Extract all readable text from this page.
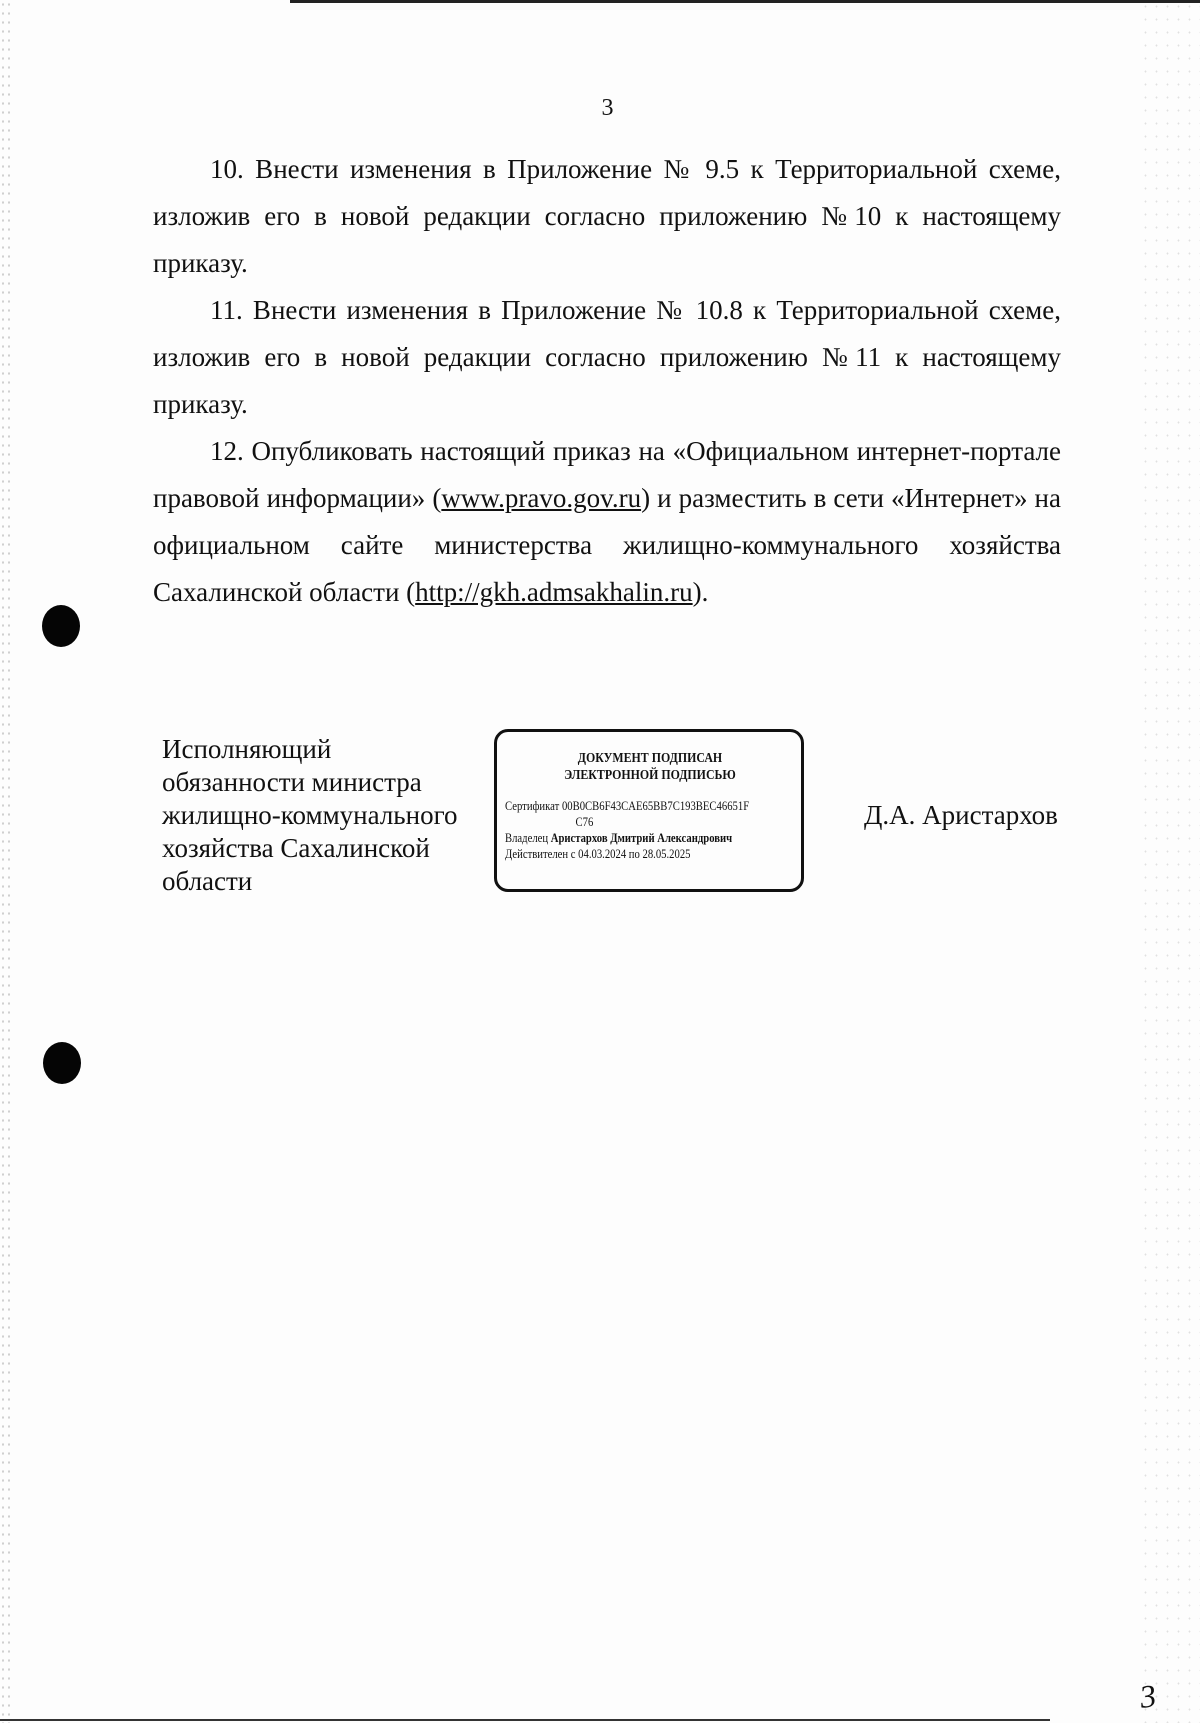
3

10. Внести изменения в Приложение № 9.5 к Территориальной схеме, изложив его в новой редакции согласно приложению №10 к настоящему приказу.

11. Внести изменения в Приложение № 10.8 к Территориальной схеме, изложив его в новой редакции согласно приложению №11 к настоящему приказу.

12. Опубликовать настоящий приказ на «Официальном интернет-портале правовой информации» (www.pravo.gov.ru) и разместить в сети «Интернет» на официальном сайте министерства жилищно-коммунального хозяйства Сахалинской области (http://gkh.admsakhalin.ru).

Исполняющий
обязанности министра
жилищно-коммунального
хозяйства Сахалинской
области
ДОКУМЕНТ ПОДПИСАН
ЭЛЕКТРОННОЙ ПОДПИСЬЮ
Сертификат 00B0CB6F43CAE65BB7C193BEC46651F
C76
Владелец Аристархов Дмитрий Александрович
Действителен с 04.03.2024 по 28.05.2025
Д.А. Аристархов
3
